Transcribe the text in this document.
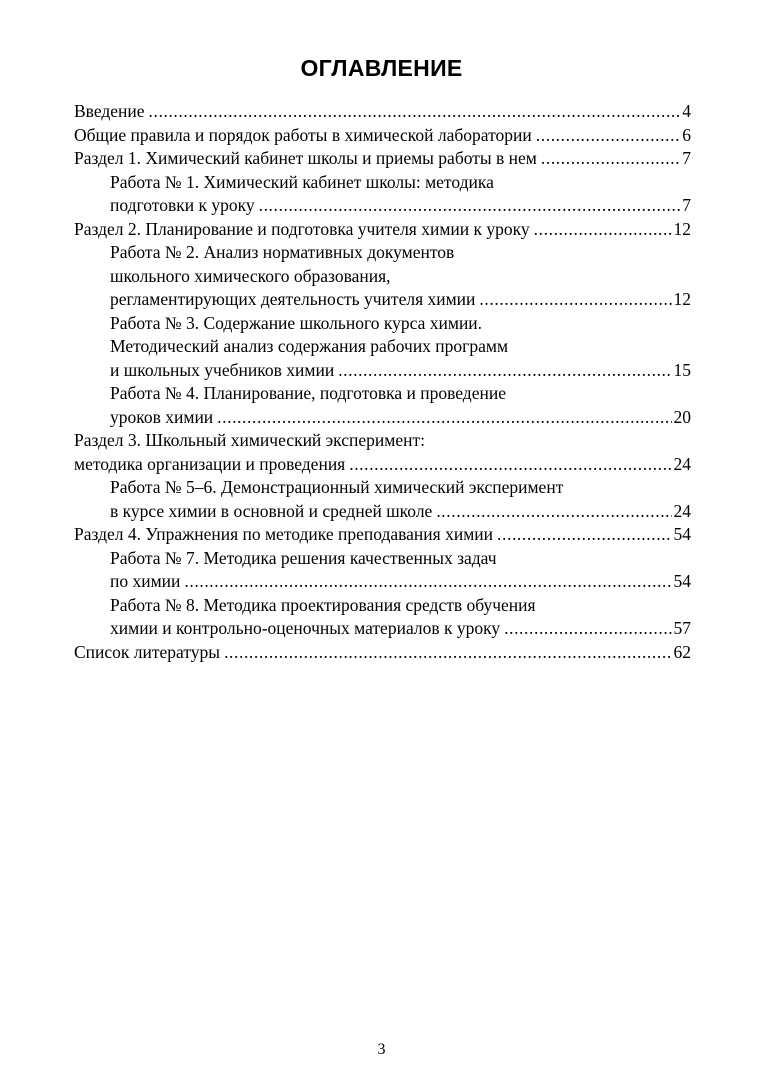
ОГЛАВЛЕНИЕ
Введение .....	4
Общие правила и порядок работы в химической лаборатории .....	6
Раздел 1. Химический кабинет школы и приемы работы в нем .....	7
Работа № 1. Химический кабинет школы: методика
подготовки к уроку .....	7
Раздел 2. Планирование и подготовка учителя химии к уроку .....	12
Работа № 2. Анализ нормативных документов
школьного химического образования,
регламентирующих деятельность учителя химии .....	12
Работа № 3. Содержание школьного курса химии.
Методический анализ содержания рабочих программ
и школьных учебников химии .....	15
Работа № 4. Планирование, подготовка и проведение
уроков химии .....	20
Раздел 3. Школьный химический эксперимент:
методика организации и проведения .....	24
Работа № 5–6. Демонстрационный химический эксперимент
в курсе химии в основной и средней школе .....	24
Раздел 4. Упражнения по методике преподавания химии .....	54
Работа № 7. Методика решения качественных задач
по химии .....	54
Работа № 8. Методика проектирования средств обучения
химии и контрольно-оценочных материалов к уроку .....	57
Список литературы .....	62
3
